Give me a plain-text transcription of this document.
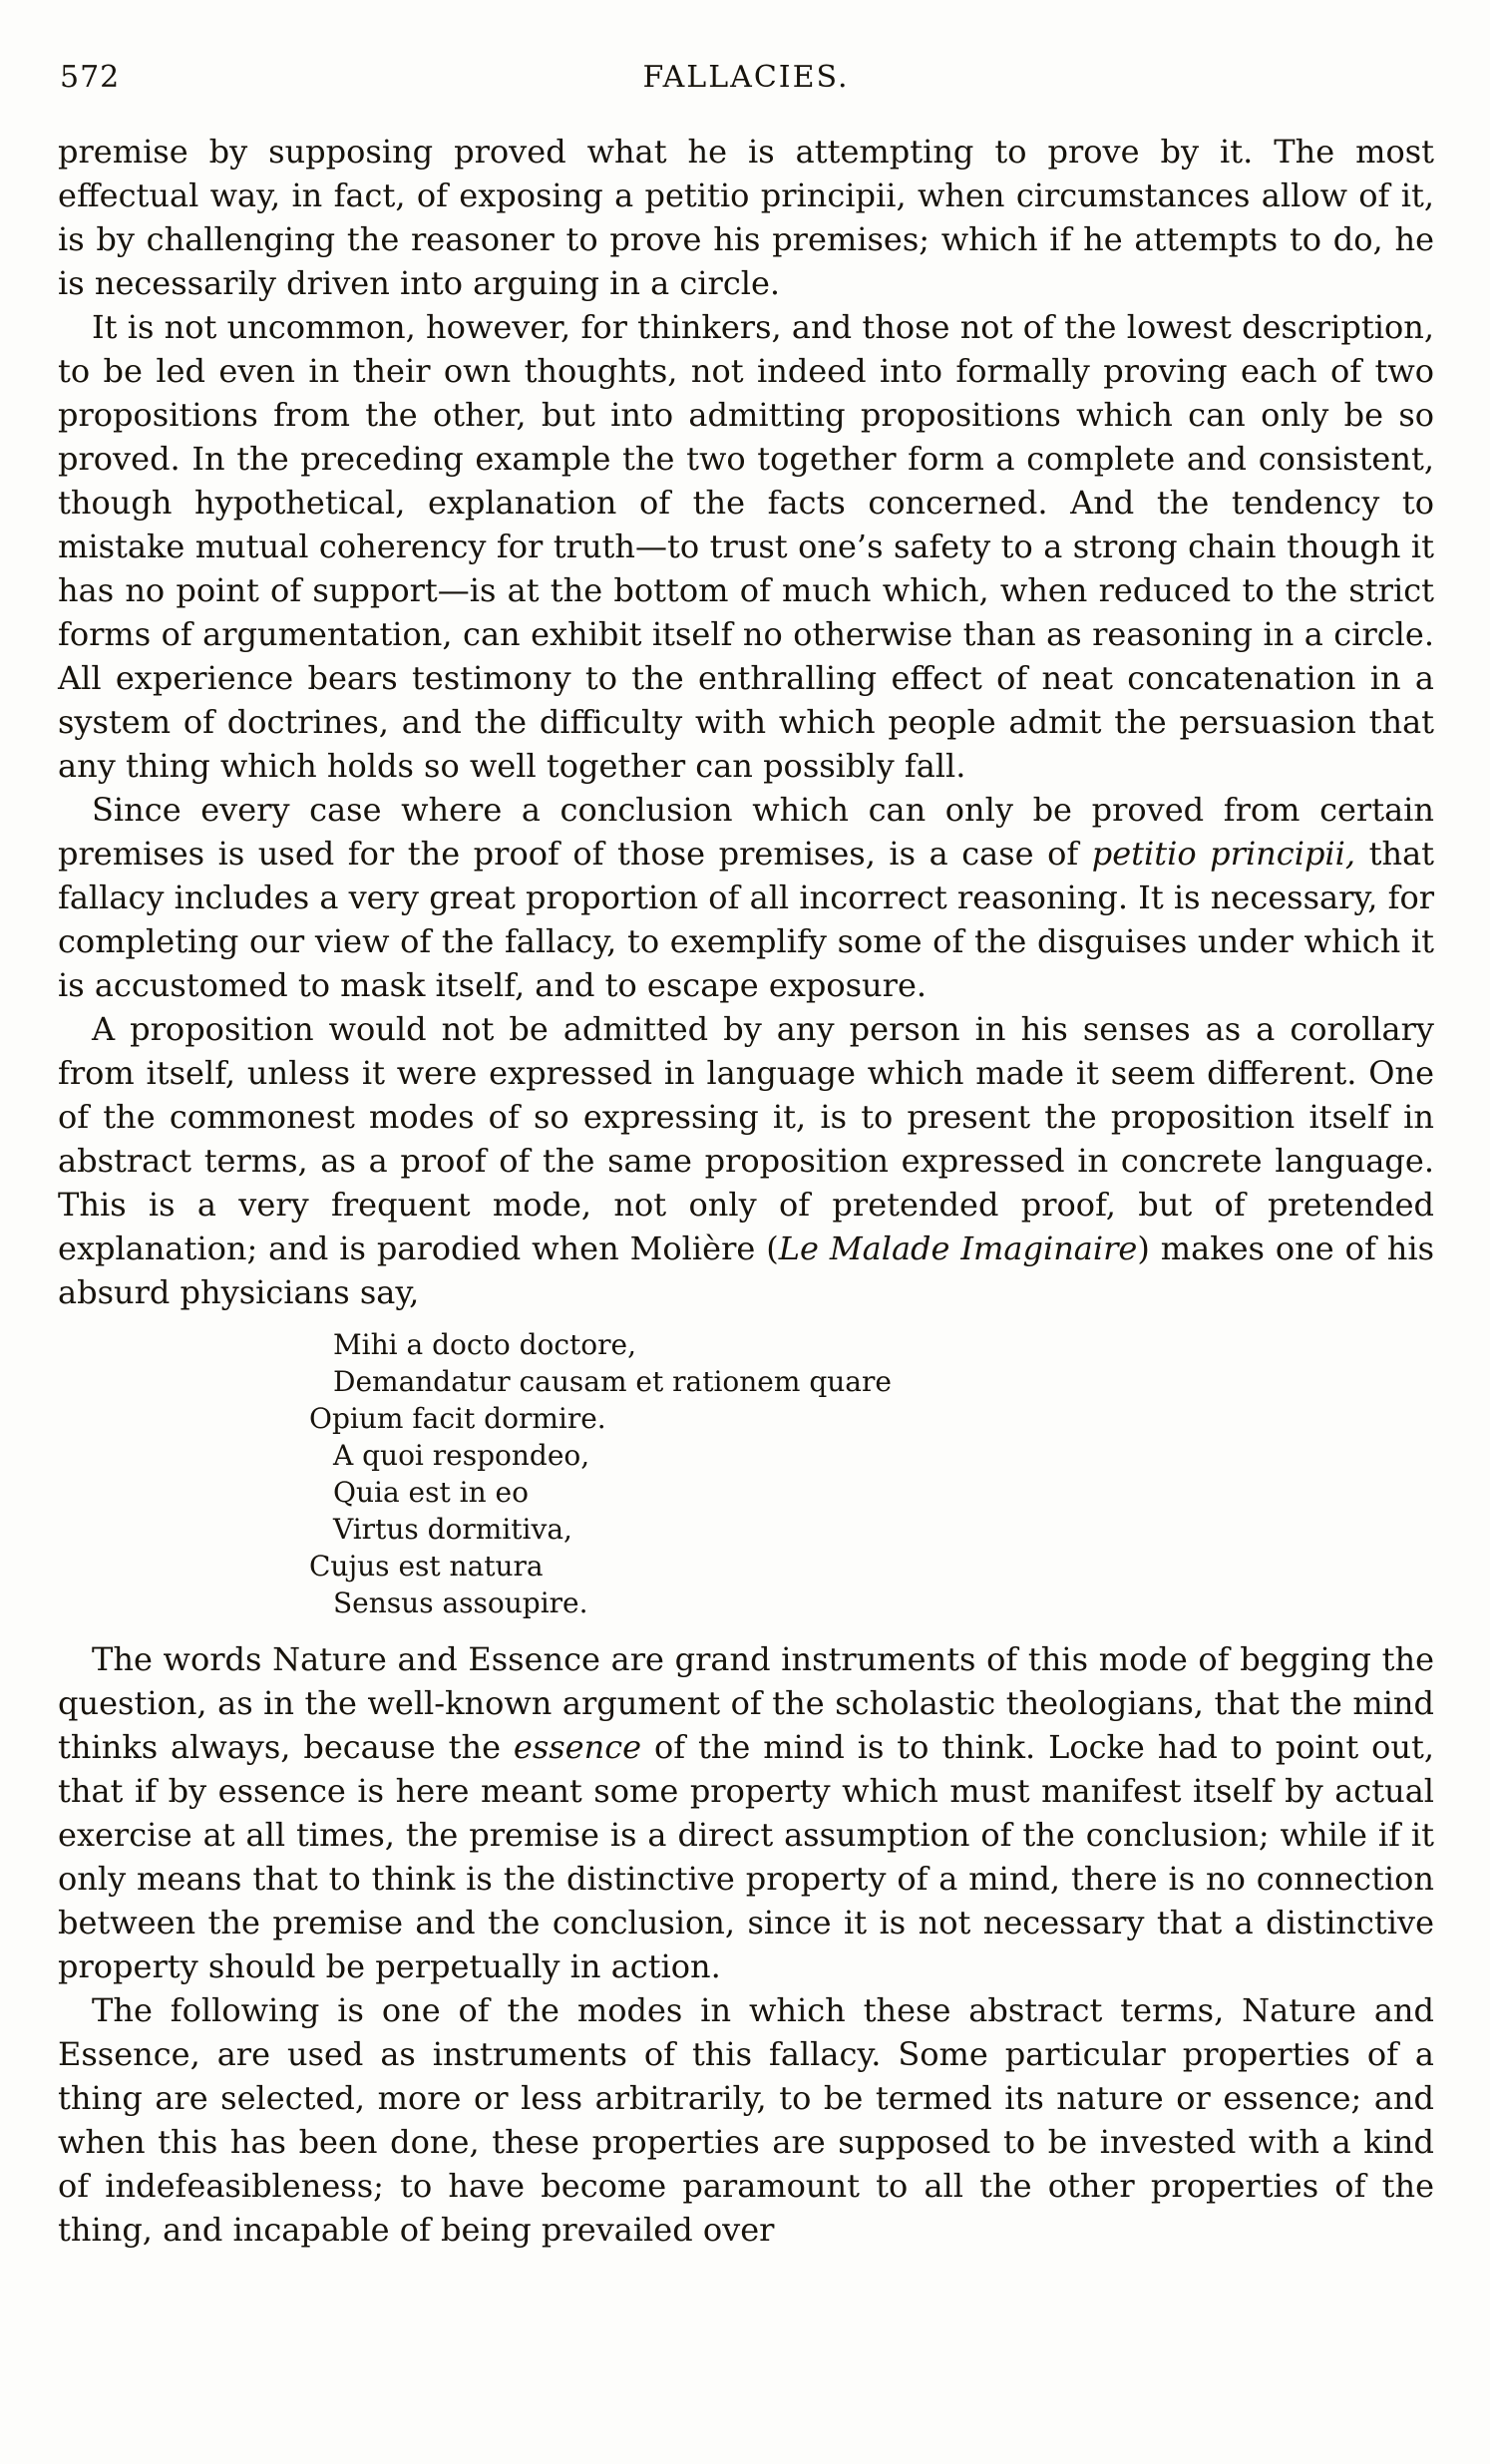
572	FALLACIES.

premise by supposing proved what he is attempting to prove by it. The most effectual way, in fact, of exposing a petitio principii, when circumstances allow of it, is by challenging the reasoner to prove his premises; which if he attempts to do, he is necessarily driven into arguing in a circle.

It is not uncommon, however, for thinkers, and those not of the lowest description, to be led even in their own thoughts, not indeed into formally proving each of two propositions from the other, but into admitting propositions which can only be so proved. In the preceding example the two together form a complete and consistent, though hypothetical, explanation of the facts concerned. And the tendency to mistake mutual coherency for truth—to trust one’s safety to a strong chain though it has no point of support—is at the bottom of much which, when reduced to the strict forms of argumentation, can exhibit itself no otherwise than as reasoning in a circle. All experience bears testimony to the enthralling effect of neat concatenation in a system of doctrines, and the difficulty with which people admit the persuasion that any thing which holds so well together can possibly fall.

Since every case where a conclusion which can only be proved from certain premises is used for the proof of those premises, is a case of petitio principii, that fallacy includes a very great proportion of all incorrect reasoning. It is necessary, for completing our view of the fallacy, to exemplify some of the disguises under which it is accustomed to mask itself, and to escape exposure.

A proposition would not be admitted by any person in his senses as a corollary from itself, unless it were expressed in language which made it seem different. One of the commonest modes of so expressing it, is to present the proposition itself in abstract terms, as a proof of the same proposition expressed in concrete language. This is a very frequent mode, not only of pretended proof, but of pretended explanation; and is parodied when Molière (Le Malade Imaginaire) makes one of his absurd physicians say,

Mihi a docto doctore,
Demandatur causam et rationem quare
Opium facit dormire.
A quoi respondeo,
Quia est in eo
Virtus dormitiva,
Cujus est natura
Sensus assoupire.

The words Nature and Essence are grand instruments of this mode of begging the question, as in the well-known argument of the scholastic theologians, that the mind thinks always, because the essence of the mind is to think. Locke had to point out, that if by essence is here meant some property which must manifest itself by actual exercise at all times, the premise is a direct assumption of the conclusion; while if it only means that to think is the distinctive property of a mind, there is no connection between the premise and the conclusion, since it is not necessary that a distinctive property should be perpetually in action.

The following is one of the modes in which these abstract terms, Nature and Essence, are used as instruments of this fallacy. Some particular properties of a thing are selected, more or less arbitrarily, to be termed its nature or essence; and when this has been done, these properties are supposed to be invested with a kind of indefeasibleness; to have become paramount to all the other properties of the thing, and incapable of being prevailed over
